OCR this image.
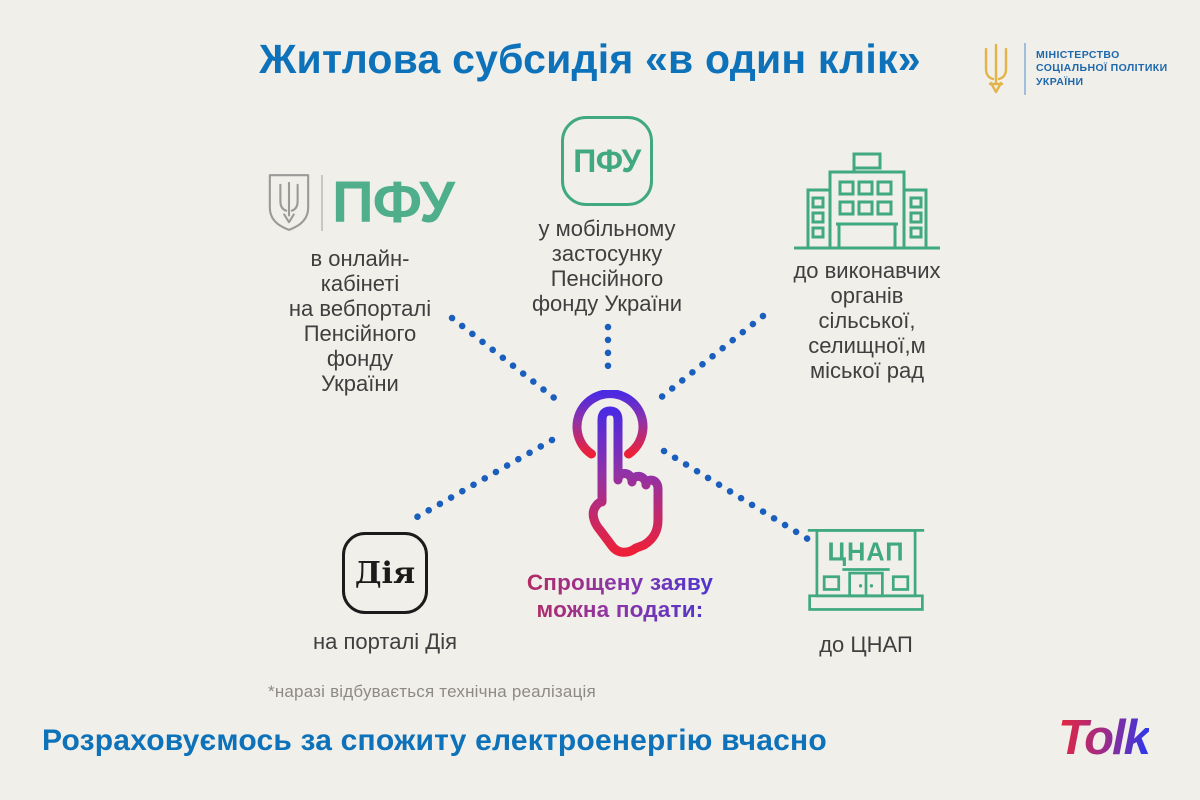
Житлова субсидія «в один клік»	МІНІСТЕРСТВО
СОЦІАЛЬНОЇ ПОЛІТИКИ
УКРАЇНИ
ПФУ
в онлайн-
кабінеті
на вебпорталі
Пенсійного
фонду
України
ПФУ
у мобільному
застосунку
Пенсійного
фонду України
до виконавчих
органів
сільської,
селищної,м
міської рад
Спрощену заяву
можна подати:
Дія
на порталі Дія
ЦНАП
до ЦНАП
*наразі відбувається технічна реалізація
Розраховуємось за спожиту електроенергію вчасно	Tolk
